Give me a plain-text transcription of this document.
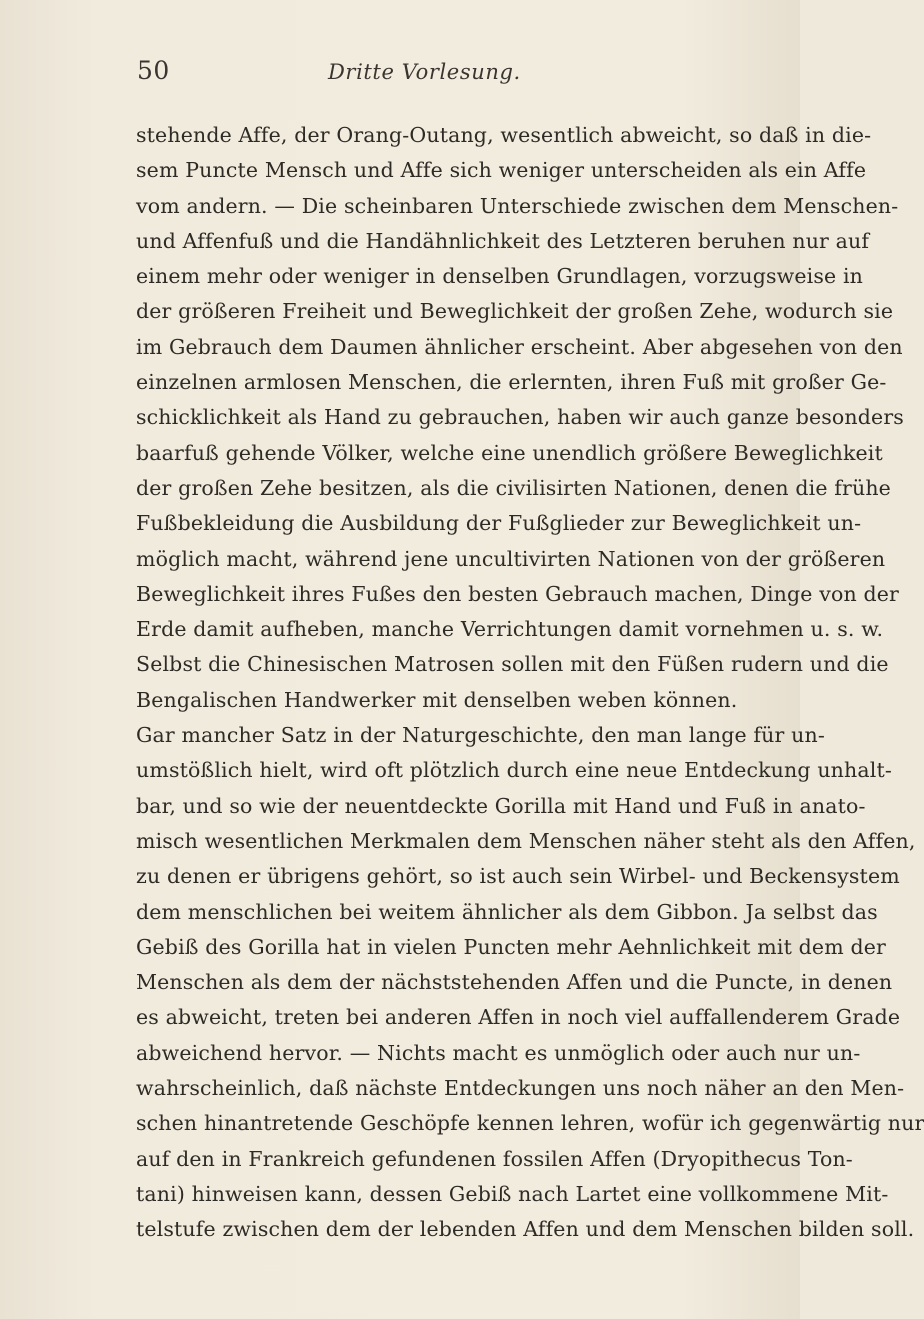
50	Dritte Vorlesung.
stehende Affe, der Orang-Outang, wesentlich abweicht, so daß in die-
sem Puncte Mensch und Affe sich weniger unterscheiden als ein Affe
vom andern. — Die scheinbaren Unterschiede zwischen dem Menschen-
und Affenfuß und die Handähnlichkeit des Letzteren beruhen nur auf
einem mehr oder weniger in denselben Grundlagen, vorzugsweise in
der größeren Freiheit und Beweglichkeit der großen Zehe, wodurch sie
im Gebrauch dem Daumen ähnlicher erscheint. Aber abgesehen von den
einzelnen armlosen Menschen, die erlernten, ihren Fuß mit großer Ge-
schicklichkeit als Hand zu gebrauchen, haben wir auch ganze besonders
baarfuß gehende Völker, welche eine unendlich größere Beweglichkeit
der großen Zehe besitzen, als die civilisirten Nationen, denen die frühe
Fußbekleidung die Ausbildung der Fußglieder zur Beweglichkeit un-
möglich macht, während jene uncultivirten Nationen von der größeren
Beweglichkeit ihres Fußes den besten Gebrauch machen, Dinge von der
Erde damit aufheben, manche Verrichtungen damit vornehmen u. s. w.
Selbst die Chinesischen Matrosen sollen mit den Füßen rudern und die
Bengalischen Handwerker mit denselben weben können.
Gar mancher Satz in der Naturgeschichte, den man lange für un-
umstößlich hielt, wird oft plötzlich durch eine neue Entdeckung unhalt-
bar, und so wie der neuentdeckte Gorilla mit Hand und Fuß in anato-
misch wesentlichen Merkmalen dem Menschen näher steht als den Affen,
zu denen er übrigens gehört, so ist auch sein Wirbel- und Beckensystem
dem menschlichen bei weitem ähnlicher als dem Gibbon. Ja selbst das
Gebiß des Gorilla hat in vielen Puncten mehr Aehnlichkeit mit dem der
Menschen als dem der nächststehenden Affen und die Puncte, in denen
es abweicht, treten bei anderen Affen in noch viel auffallenderem Grade
abweichend hervor. — Nichts macht es unmöglich oder auch nur un-
wahrscheinlich, daß nächste Entdeckungen uns noch näher an den Men-
schen hinantretende Geschöpfe kennen lehren, wofür ich gegenwärtig nur
auf den in Frankreich gefundenen fossilen Affen (Dryopithecus Ton-
tani) hinweisen kann, dessen Gebiß nach Lartet eine vollkommene Mit-
telstufe zwischen dem der lebenden Affen und dem Menschen bilden soll.
